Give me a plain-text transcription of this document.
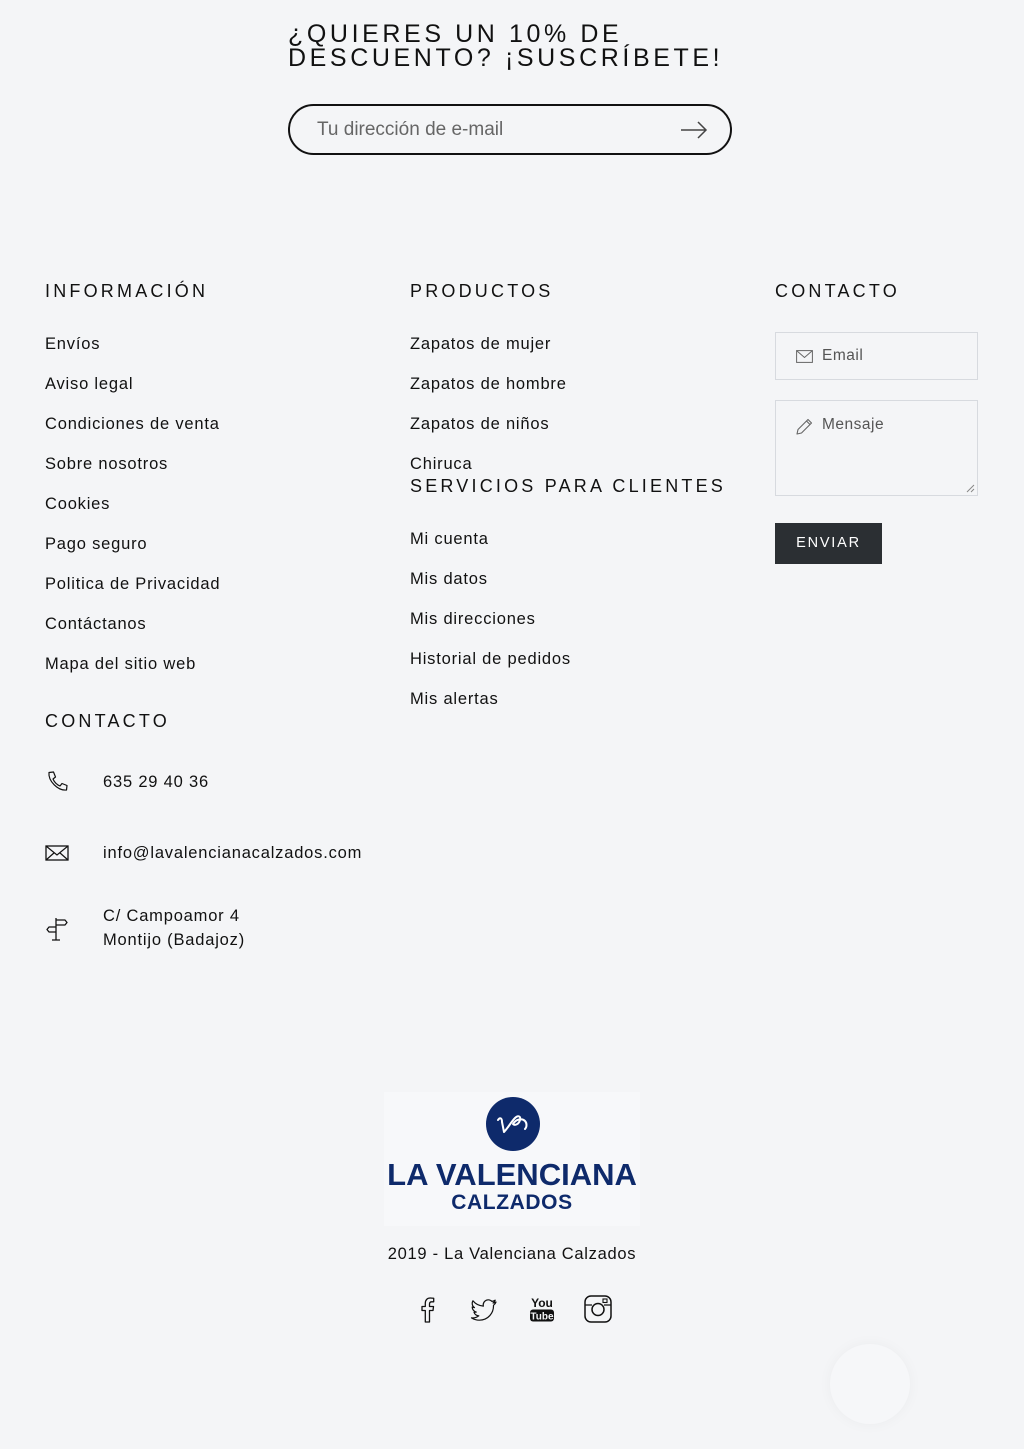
¿QUIERES UN 10% DE DESCUENTO? ¡SUSCRÍBETE!
Tu dirección de e-mail
INFORMACIÓN
Envíos
Aviso legal
Condiciones de venta
Sobre nosotros
Cookies
Pago seguro
Politica de Privacidad
Contáctanos
Mapa del sitio web
CONTACTO
635 29 40 36
info@lavalencianacalzados.com
C/ Campoamor 4
Montijo (Badajoz)
PRODUCTOS
Zapatos de mujer
Zapatos de hombre
Zapatos de niños
Chiruca
SERVICIOS PARA CLIENTES
Mi cuenta
Mis datos
Mis direcciones
Historial de pedidos
Mis alertas
CONTACTO
Email
Mensaje
ENVIAR
LA VALENCIANA
CALZADOS
2019 - La Valenciana Calzados
You
Tube
